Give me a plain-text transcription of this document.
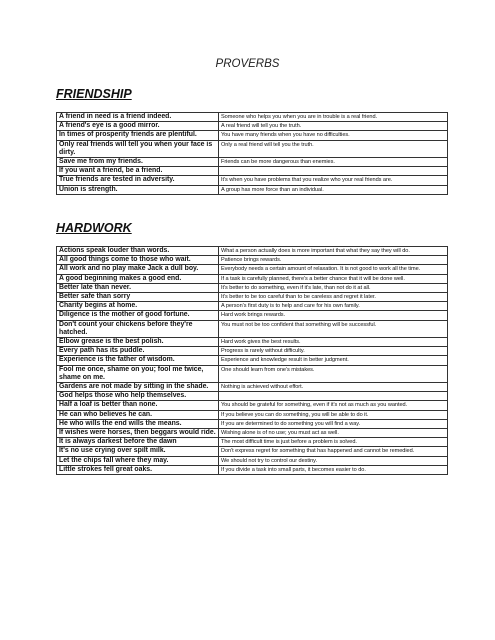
PROVERBS
FRIENDSHIP
A friend in need is a friend indeed.	Someone who helps you when you are in trouble is a real friend.
A friend's eye is a good mirror.	A real friend will tell you the truth.
In times of prosperity friends are plentiful.	You have many friends when you have no difficulties.
Only real friends will tell you when your face is dirty.	Only a real friend will tell you the truth.
Save me from my friends.	Friends can be more dangerous than enemies.
If you want a friend, be a friend.	
True friends are tested in adversity.	It's when you have problems that you realize who your real friends are.
Union is strength.	A group has more force than an individual.
HARDWORK
Actions speak louder than words.	What a person actually does is more important that what they say they will do.
All good things come to those who wait.	Patience brings rewards.
All work and no play make Jack a dull boy.	Everybody needs a certain amount of relaxation. It is not good to work all the time.
A good beginning makes a good end.	If a task is carefully planned, there's a better chance that it will be done well.
Better late than never.	It's better to do something, even if it's late, than not do it at all.
Better safe than sorry	It's better to be too careful than to be careless and regret it later.
Charity begins at home.	A person's first duty is to help and care for his own family.
Diligence is the mother of good fortune.	Hard work brings rewards.
Don't count your chickens before they're hatched.	You must not be too confident that something will be successful.
Elbow grease is the best polish.	Hard work gives the best results.
Every path has its puddle.	Progress is rarely without difficulty.
Experience is the father of wisdom.	Experience and knowledge result in better judgment.
Fool me once, shame on you; fool me twice, shame on me.	One should learn from one's mistakes.
Gardens are not made by sitting in the shade.	Nothing is achieved without effort.
God helps those who help themselves.	
Half a loaf is better than none.	You should be grateful for something, even if it's not as much as you wanted.
He can who believes he can.	If you believe you can do something, you will be able to do it.
He who wills the end wills the means.	If you are determined to do something you will find a way.
If wishes were horses, then beggars would ride.	Wishing alone is of no use; you must act as well.
It is always darkest before the dawn	The most difficult time is just before a problem is solved.
It's no use crying over spilt milk.	Don't express regret for something that has happened and cannot be remedied.
Let the chips fall where they may.	We should not try to control our destiny.
Little strokes fell great oaks.	If you divide a task into small parts, it becomes easier to do.
